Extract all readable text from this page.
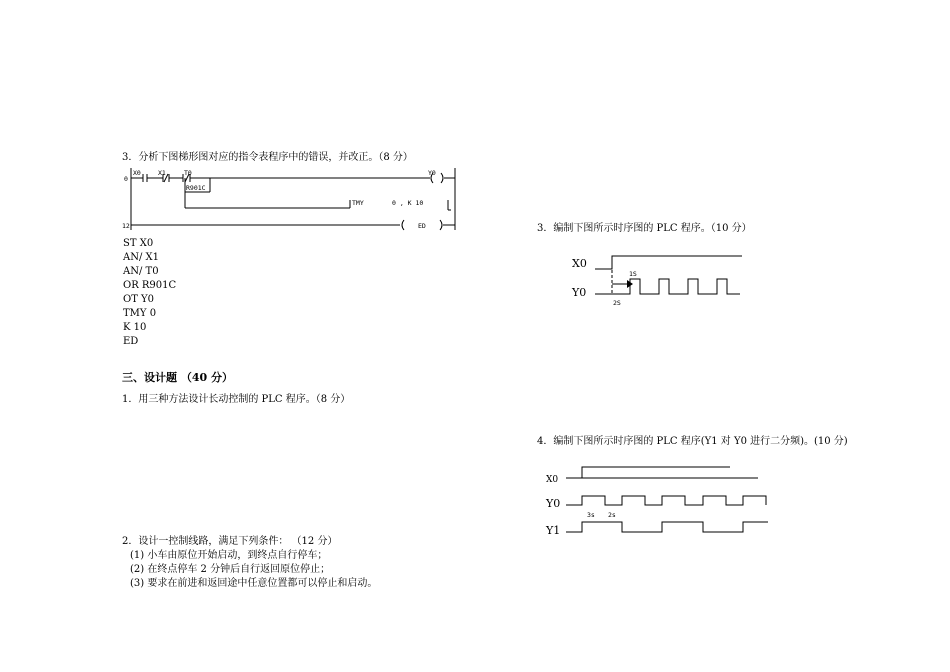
3．分析下图梯形图对应的指令表程序中的错误，并改正。（8 分）
X0
0
X1	T0	Y0
R901C
TMY	0 , K 10
12	ED
ST X0
AN/ X1
AN/ T0
OR R901C
OT Y0
TMY 0
K 10
ED
三、设计题 （40 分）
1．用三种方法设计长动控制的 PLC 程序。（8 分）
2．设计一控制线路，满足下列条件： （12 分）
(1) 小车由原位开始启动，到终点自行停车；
(2) 在终点停车 2 分钟后自行返回原位停止；
(3) 要求在前进和返回途中任意位置都可以停止和启动。
3．编制下图所示时序图的 PLC 程序。（10 分）
X0
Y0
1S
2S
4．编制下图所示时序图的 PLC 程序(Y1 对 Y0 进行二分频)。(10 分)
X0
Y0
Y1
3s 2s
